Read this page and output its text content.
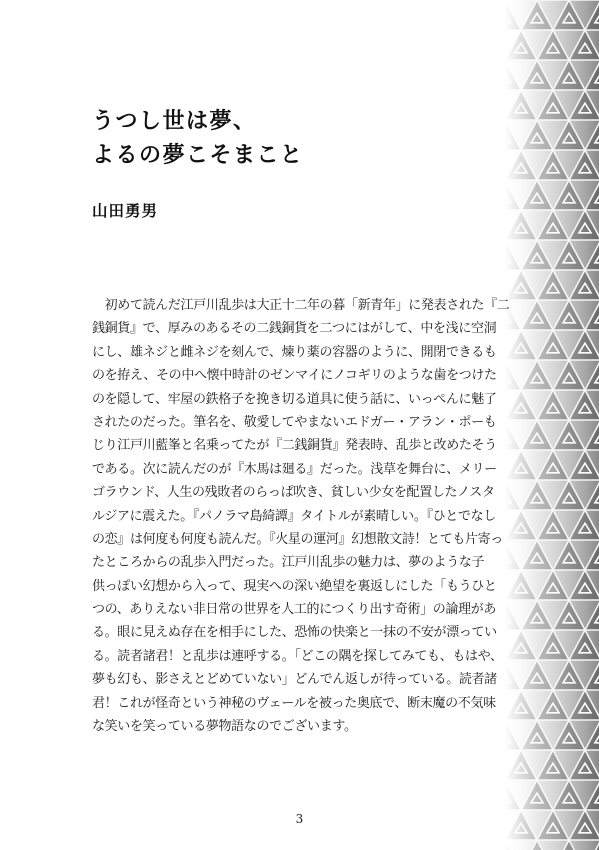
うつし世は夢、
よるの夢こそまこと
山田勇男
　初めて読んだ江戸川乱歩は大正十二年の暮「新青年」に発表された『二
銭銅貨』で、厚みのあるその二銭銅貨を二つにはがして、中を浅に空洞
にし、雄ネジと雌ネジを刻んで、煉り薬の容器のように、開閉できるも
のを拵え、その中へ懐中時計のゼンマイにノコギリのような歯をつけた
のを隠して、牢屋の鉄格子を挽き切る道具に使う話に、いっぺんに魅了
されたのだった。筆名を、敬愛してやまないエドガー・アラン・ポーも
じり江戸川藍峯と名乗ってたが『二銭銅貨』発表時、乱歩と改めたそう
である。次に読んだのが『木馬は廻る』だった。浅草を舞台に、メリー
ゴラウンド、人生の残敗者のらっぱ吹き、貧しい少女を配置したノスタ
ルジアに震えた。『パノラマ島綺譚』タイトルが素晴しい。『ひとでなし
の恋』は何度も何度も読んだ。『火星の運河』幻想散文詩！とても片寄っ
たところからの乱歩入門だった。江戸川乱歩の魅力は、夢のような子
供っぽい幻想から入って、現実への深い絶望を裏返しにした「もうひと
つの、ありえない非日常の世界を人工的につくり出す奇術」の論理があ
る。眼に見えぬ存在を相手にした、恐怖の快楽と一抹の不安が漂ってい
る。読者諸君！と乱歩は連呼する。「どこの隅を探してみても、もはや、
夢も幻も、影さえとどめていない」どんでん返しが待っている。読者諸
君！これが怪奇という神秘のヴェールを被った奥底で、断末魔の不気味
な笑いを笑っている夢物語なのでございます。
3
